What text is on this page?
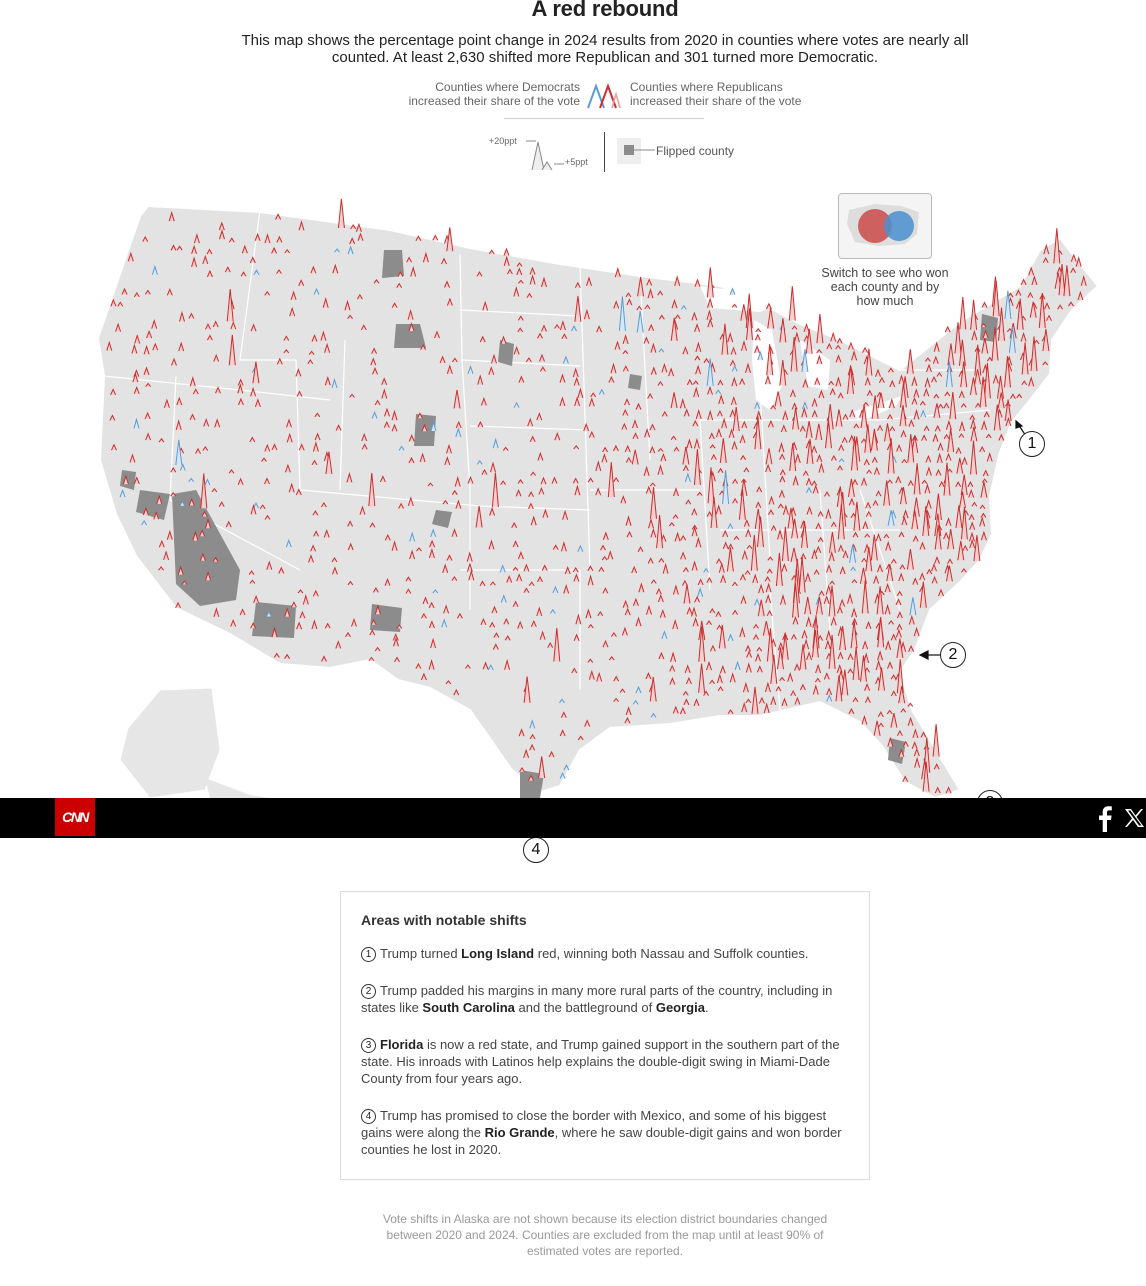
A red rebound
This map shows the percentage point change in 2024 results from 2020 in counties where votes are nearly all counted. At least 2,630 shifted more Republican and 301 turned more Democratic.
Counties where Democrats increased their share of the vote
Counties where Republicans increased their share of the vote
+20ppt
+5ppt
Flipped county
1
2
4
Switch to see who won each county and by how much
CNN
Areas with notable shifts

1 Trump turned Long Island red, winning both Nassau and Suffolk counties.

2 Trump padded his margins in many more rural parts of the country, including in states like South Carolina and the battleground of Georgia.

3 Florida is now a red state, and Trump gained support in the southern part of the state. His inroads with Latinos help explains the double-digit swing in Miami-Dade County from four years ago.

4 Trump has promised to close the border with Mexico, and some of his biggest gains were along the Rio Grande, where he saw double-digit gains and won border counties he lost in 2020.

Vote shifts in Alaska are not shown because its election district boundaries changed between 2020 and 2024. Counties are excluded from the map until at least 90% of estimated votes are reported.
